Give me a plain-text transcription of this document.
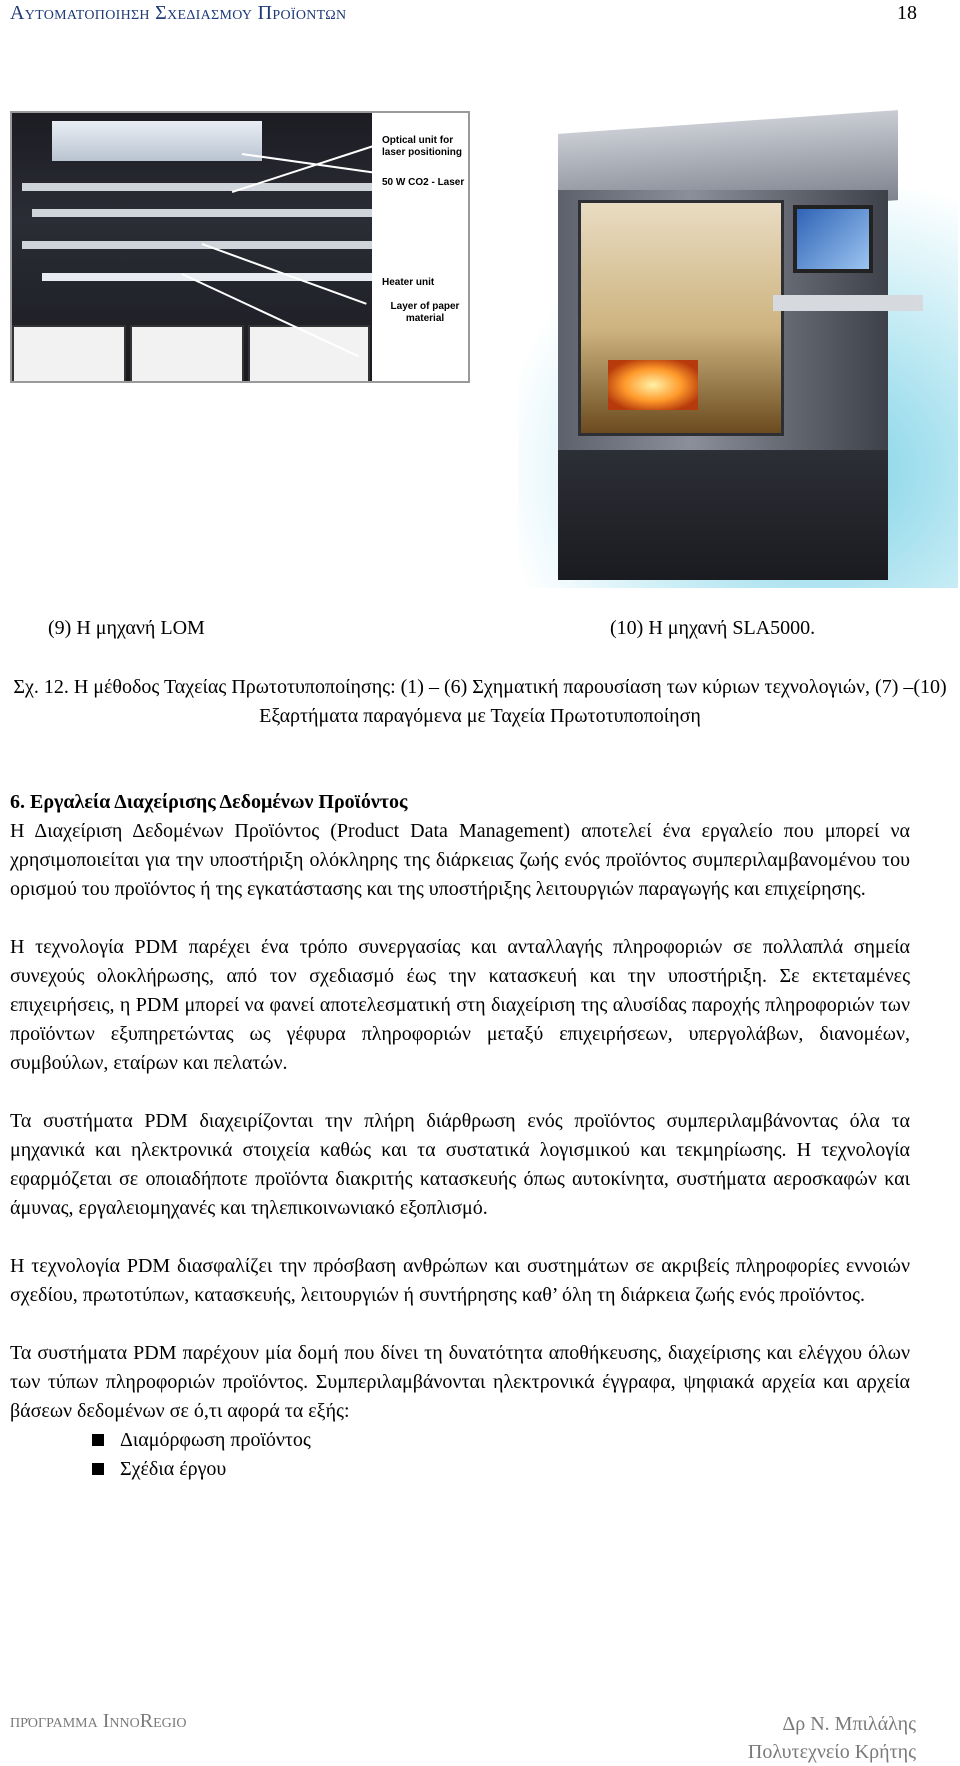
Αυτοματοποιηση Σχεδιασμου Προϊοντων	18
Optical unit for laser positioning
50 W CO2 - Laser
Heater unit
Layer of paper material
(9) Η μηχανή LOM	(10) Η μηχανή SLA5000.
Σχ. 12. Η μέθοδος Ταχείας Πρωτοτυποποίησης: (1) – (6) Σχηματική παρουσίαση των κύριων τεχνολογιών, (7) –(10) Εξαρτήματα παραγόμενα με Ταχεία Πρωτοτυποποίηση

6. Εργαλεία Διαχείρισης Δεδομένων Προϊόντος

Η Διαχείριση Δεδομένων Προϊόντος (Product Data Management) αποτελεί ένα εργαλείο που μπορεί να χρησιμοποιείται για την υποστήριξη ολόκληρης της διάρκειας ζωής ενός προϊόντος συμπεριλαμβανομένου του ορισμού του προϊόντος ή της εγκατάστασης και της υποστήριξης λειτουργιών παραγωγής και επιχείρησης.

Η τεχνολογία PDM παρέχει ένα τρόπο συνεργασίας και ανταλλαγής πληροφοριών σε πολλαπλά σημεία συνεχούς ολοκλήρωσης, από τον σχεδιασμό έως την κατασκευή και την υποστήριξη. Σε εκτεταμένες επιχειρήσεις, η PDM μπορεί να φανεί αποτελεσματική στη διαχείριση της αλυσίδας παροχής πληροφοριών των προϊόντων εξυπηρετώντας ως γέφυρα πληροφοριών μεταξύ επιχειρήσεων, υπεργολάβων, διανομέων, συμβούλων, εταίρων και πελατών.

Τα συστήματα PDM διαχειρίζονται την πλήρη διάρθρωση ενός προϊόντος συμπεριλαμβάνοντας όλα τα μηχανικά και ηλεκτρονικά στοιχεία καθώς και τα συστατικά λογισμικού και τεκμηρίωσης. Η τεχνολογία εφαρμόζεται σε οποιαδήποτε προϊόντα διακριτής κατασκευής όπως αυτοκίνητα, συστήματα αεροσκαφών και άμυνας, εργαλειομηχανές και τηλεπικοινωνιακό εξοπλισμό.

Η τεχνολογία PDM διασφαλίζει την πρόσβαση ανθρώπων και συστημάτων σε ακριβείς πληροφορίες εννοιών σχεδίου, πρωτοτύπων, κατασκευής, λειτουργιών ή συντήρησης καθ’ όλη τη διάρκεια ζωής ενός προϊόντος.

Τα συστήματα PDM παρέχουν μία δομή που δίνει τη δυνατότητα αποθήκευσης, διαχείρισης και ελέγχου όλων των τύπων πληροφοριών προϊόντος. Συμπεριλαμβάνονται ηλεκτρονικά έγγραφα, ψηφιακά αρχεία και αρχεία βάσεων δεδομένων σε ό,τι αφορά τα εξής:

Διαμόρφωση προϊόντος
Σχέδια έργου
πρόγραμμα InnoRegio	Δρ Ν. Μπιλάλης
Πολυτεχνείο Κρήτης
